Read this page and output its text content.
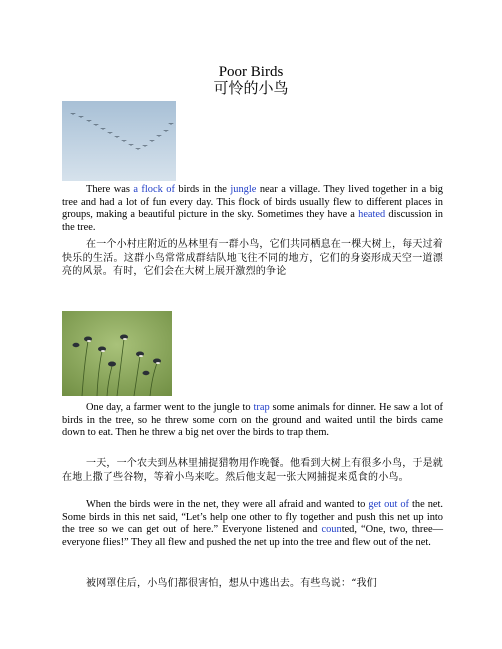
Poor Birds
可怜的小鸟

There was a flock of birds in the jungle near a village. They lived together in a big tree and had a lot of fun every day. This flock of birds usually flew to different places in groups, making a beautiful picture in the sky. Sometimes they have a heated discussion in the tree.

在一个小村庄附近的丛林里有一群小鸟，它们共同栖息在一棵大树上，每天过着快乐的生活。这群小鸟常常成群结队地飞往不同的地方，它们的身姿形成天空一道漂亮的风景。有时，它们会在大树上展开激烈的争论

One day, a farmer went to the jungle to trap some animals for dinner. He saw a lot of birds in the tree, so he threw some corn on the ground and waited until the birds came down to eat. Then he threw a big net over the birds to trap them.

一天，一个农夫到丛林里捕捉猎物用作晚餐。他看到大树上有很多小鸟，于是就在地上撒了些谷物，等着小鸟来吃。然后他支起一张大网捕捉来觅食的小鸟。

When the birds were in the net, they were all afraid and wanted to get out of the net. Some birds in this net said, “Let’s help one other to fly together and push this net up into the tree so we can get out of here.” Everyone listened and counted, “One, two, three—everyone flies!” They all flew and pushed the net up into the tree and flew out of the net.

被网罩住后，小鸟们都很害怕，想从中逃出去。有些鸟说：“我们
